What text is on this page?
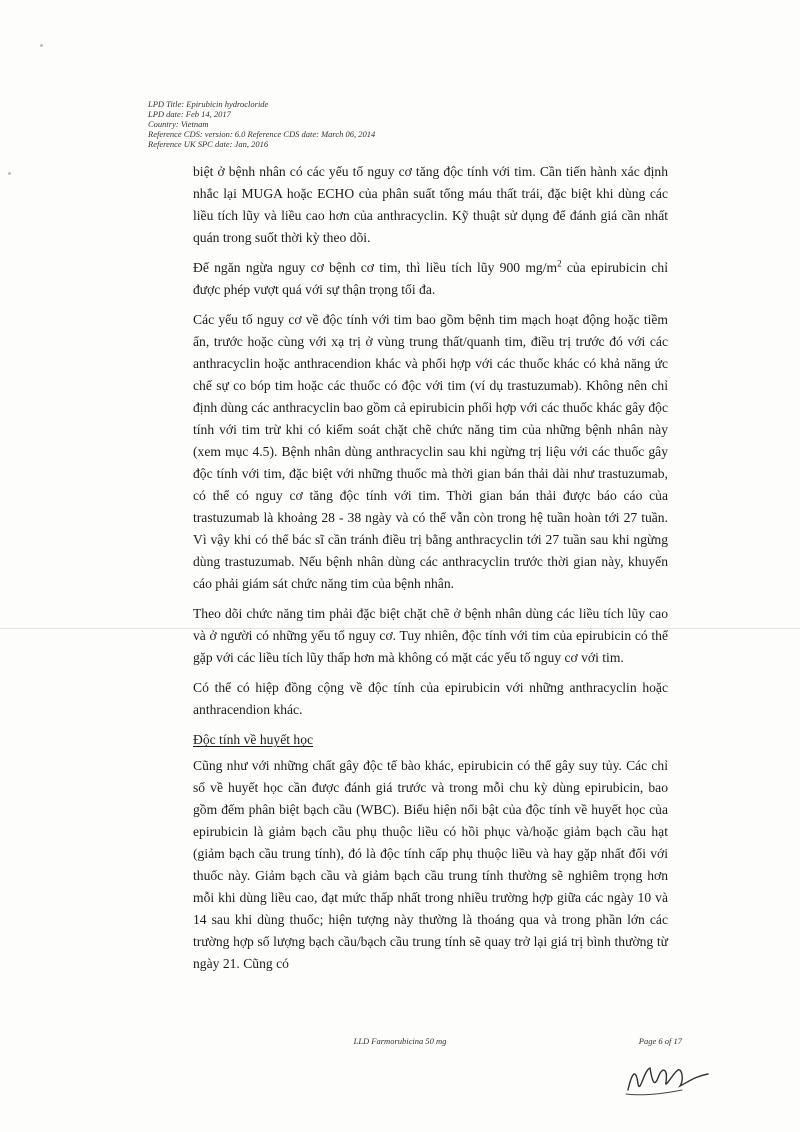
LPD Title: Epirubicin hydrocloride
LPD date: Feb 14, 2017
Country: Vietnam
Reference CDS: version: 6.0 Reference CDS date: March 06, 2014
Reference UK SPC date: Jan, 2016

biệt ở bệnh nhân có các yếu tố nguy cơ tăng độc tính với tim. Cần tiến hành xác định nhắc lại MUGA hoặc ECHO của phân suất tống máu thất trái, đặc biệt khi dùng các liều tích lũy và liều cao hơn của anthracyclin. Kỹ thuật sử dụng để đánh giá cần nhất quán trong suốt thời kỳ theo dõi.

Để ngăn ngừa nguy cơ bệnh cơ tim, thì liều tích lũy 900 $mg/m^2$ của epirubicin chỉ được phép vượt quá với sự thận trọng tối đa.

Các yếu tố nguy cơ về độc tính với tim bao gồm bệnh tim mạch hoạt động hoặc tiềm ẩn, trước hoặc cùng với xạ trị ở vùng trung thất/quanh tim, điều trị trước đó với các anthracyclin hoặc anthracendion khác và phối hợp với các thuốc khác có khả năng ức chế sự co bóp tim hoặc các thuốc có độc với tim (ví dụ trastuzumab). Không nên chỉ định dùng các anthracyclin bao gồm cả epirubicin phối hợp với các thuốc khác gây độc tính với tim trừ khi có kiểm soát chặt chẽ chức năng tim của những bệnh nhân này (xem mục 4.5). Bệnh nhân dùng anthracyclin sau khi ngừng trị liệu với các thuốc gây độc tính với tim, đặc biệt với những thuốc mà thời gian bán thải dài như trastuzumab, có thể có nguy cơ tăng độc tính với tim. Thời gian bán thải được báo cáo của trastuzumab là khoảng 28 - 38 ngày và có thể vẫn còn trong hệ tuần hoàn tới 27 tuần. Vì vậy khi có thể bác sĩ cần tránh điều trị bằng anthracyclin tới 27 tuần sau khi ngừng dùng trastuzumab. Nếu bệnh nhân dùng các anthracyclin trước thời gian này, khuyến cáo phải giám sát chức năng tim của bệnh nhân.

Theo dõi chức năng tim phải đặc biệt chặt chẽ ở bệnh nhân dùng các liều tích lũy cao và ở người có những yếu tố nguy cơ. Tuy nhiên, độc tính với tim của epirubicin có thể gặp với các liều tích lũy thấp hơn mà không có mặt các yếu tố nguy cơ với tim.

Có thể có hiệp đồng cộng về độc tính của epirubicin với những anthracyclin hoặc anthracendion khác.

Độc tính về huyết học

Cũng như với những chất gây độc tế bào khác, epirubicin có thể gây suy tủy. Các chỉ số về huyết học cần được đánh giá trước và trong mỗi chu kỳ dùng epirubicin, bao gồm đếm phân biệt bạch cầu (WBC). Biểu hiện nổi bật của độc tính về huyết học của epirubicin là giảm bạch cầu phụ thuộc liều có hồi phục và/hoặc giảm bạch cầu hạt (giảm bạch cầu trung tính), đó là độc tính cấp phụ thuộc liều và hay gặp nhất đối với thuốc này. Giảm bạch cầu và giảm bạch cầu trung tính thường sẽ nghiêm trọng hơn mỗi khi dùng liều cao, đạt mức thấp nhất trong nhiều trường hợp giữa các ngày 10 và 14 sau khi dùng thuốc; hiện tượng này thường là thoáng qua và trong phần lớn các trường hợp số lượng bạch cầu/bạch cầu trung tính sẽ quay trở lại giá trị bình thường từ ngày 21. Cũng có

LLD Farmorubicina 50 mg	Page 6 of 17
